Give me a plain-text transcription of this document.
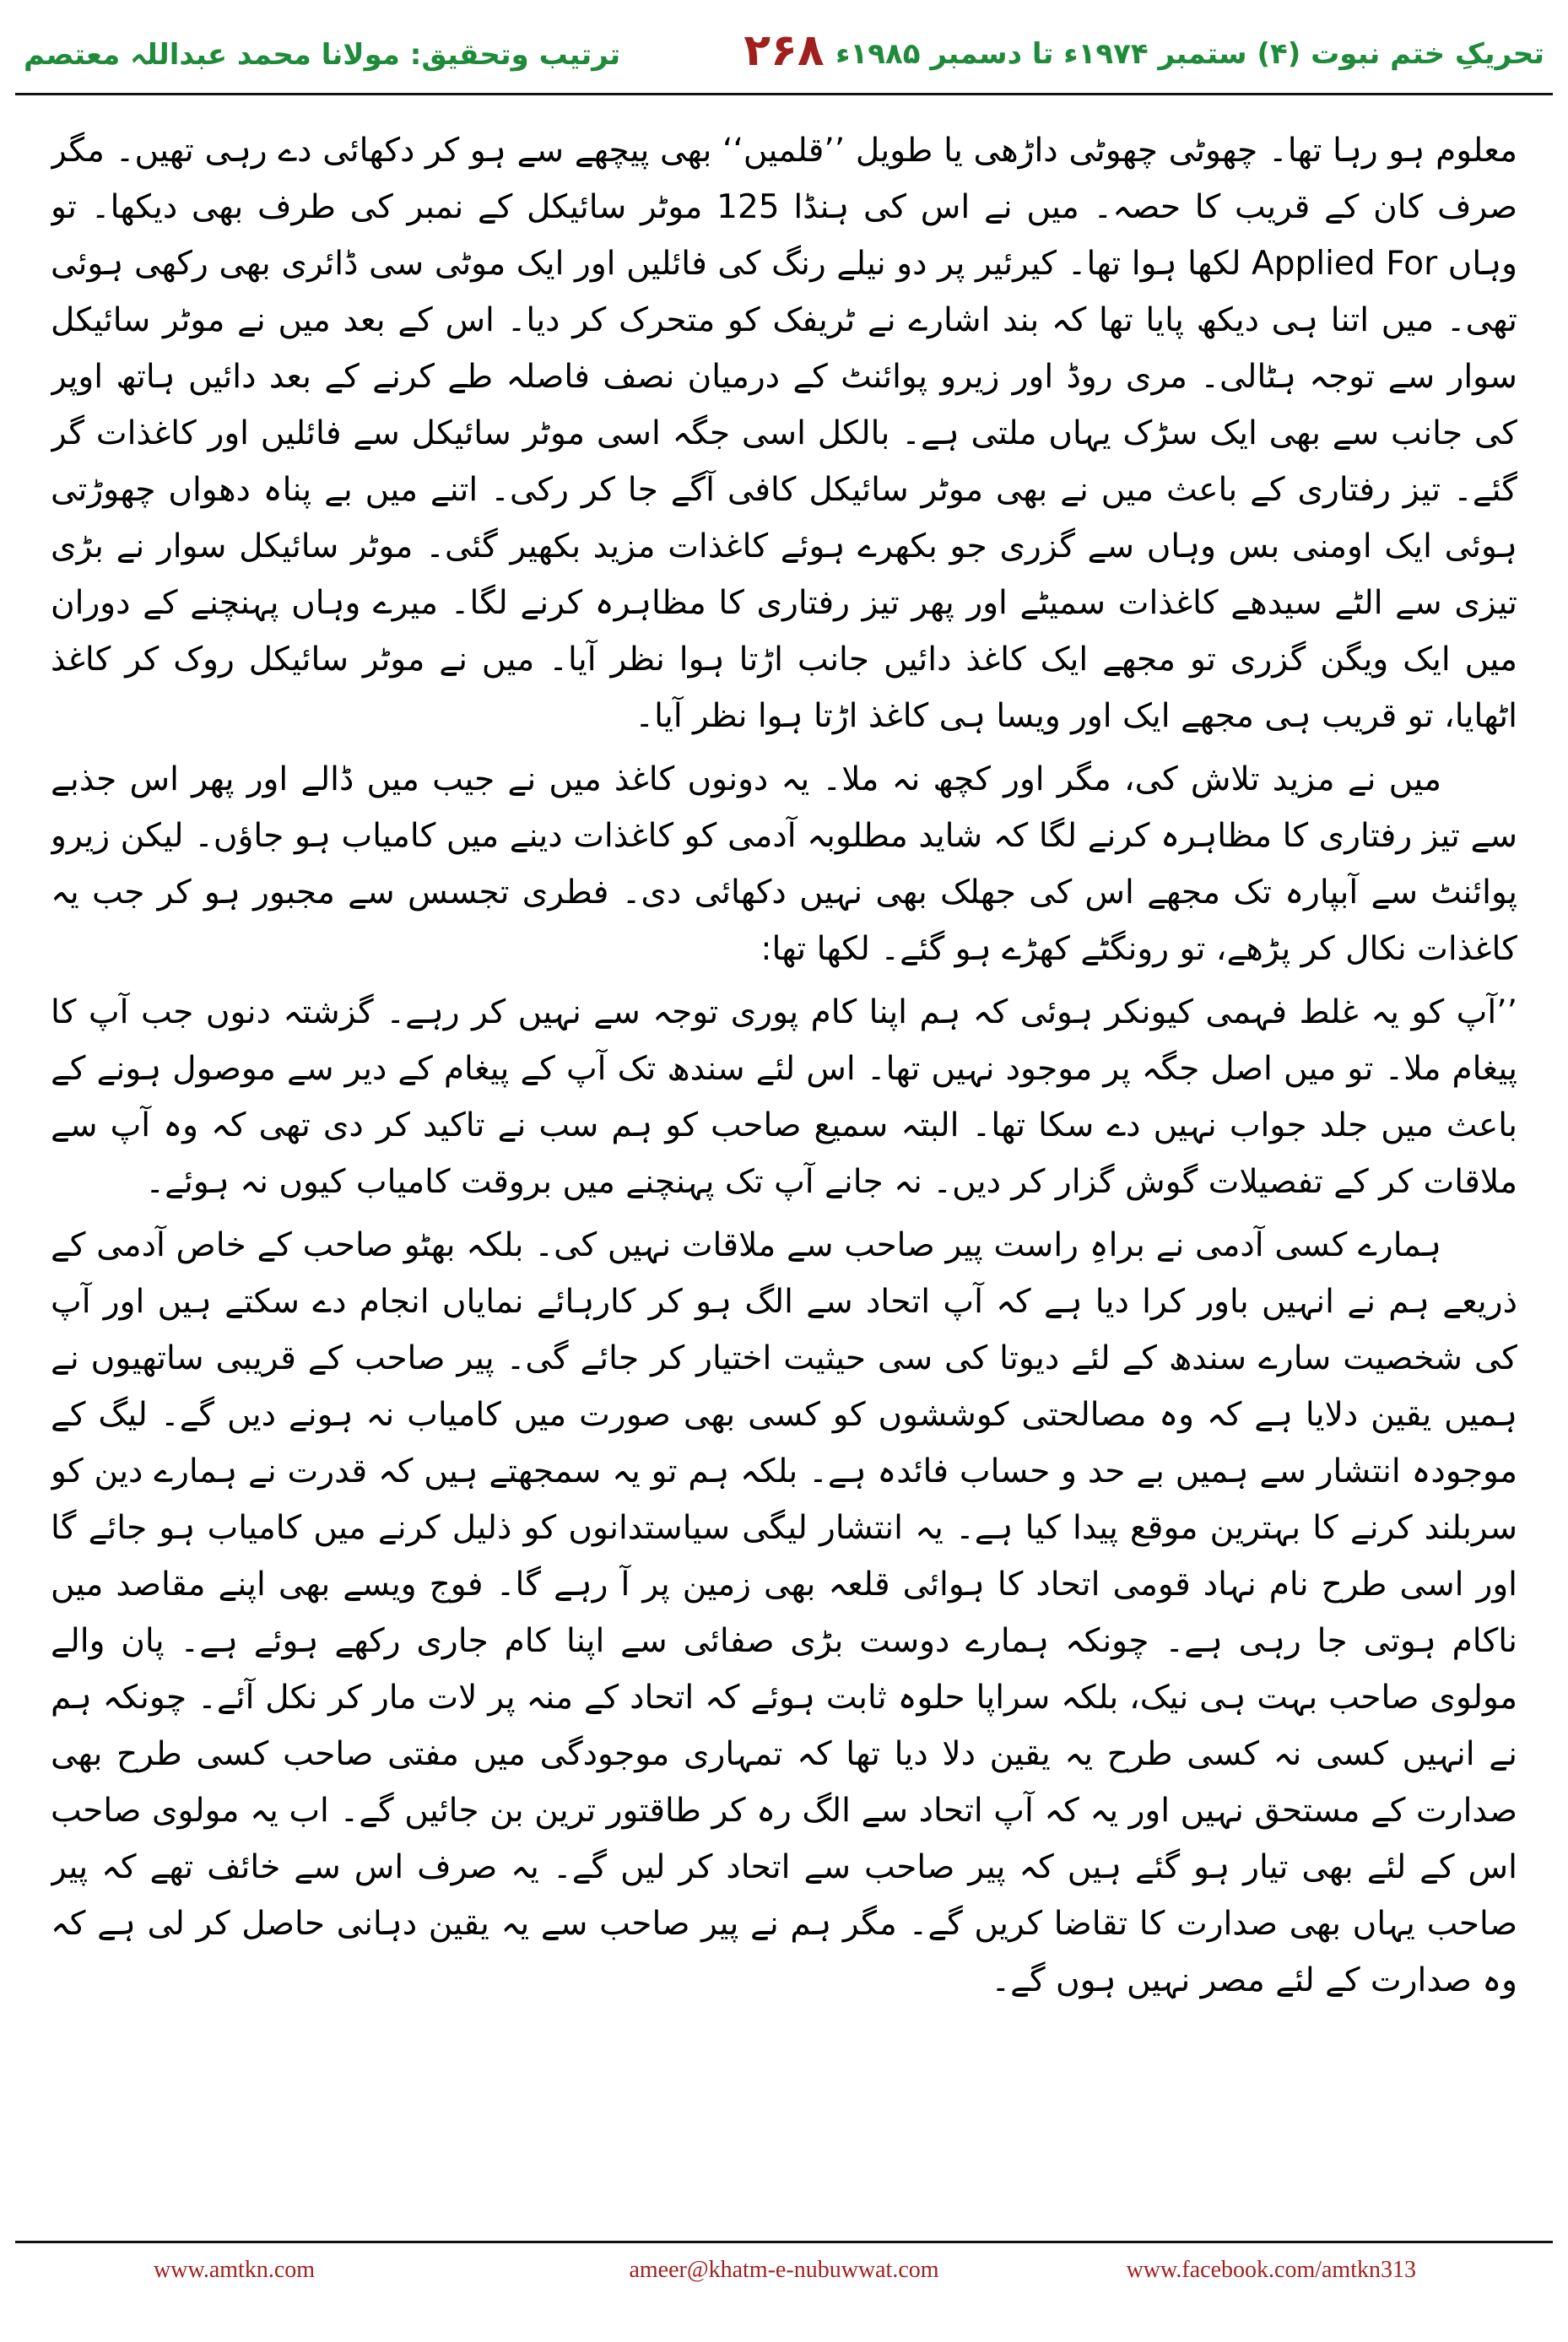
ترتیب وتحقیق: مولانا محمد عبداللہ معتصم	۲۶۸ تحریکِ ختم نبوت (۴) ستمبر ۱۹۷۴ء تا دسمبر ۱۹۸۵ء

معلوم ہو رہا تھا۔ چھوٹی چھوٹی داڑھی یا طویل ’’قلمیں‘‘ بھی پیچھے سے ہو کر دکھائی دے رہی تھیں۔ مگر صرف کان کے قریب کا حصہ۔ میں نے اس کی ہنڈا 125 موٹر سائیکل کے نمبر کی طرف بھی دیکھا۔ تو وہاں Applied For لکھا ہوا تھا۔ کیرئیر پر دو نیلے رنگ کی فائلیں اور ایک موٹی سی ڈائری بھی رکھی ہوئی تھی۔ میں اتنا ہی دیکھ پایا تھا کہ بند اشارے نے ٹریفک کو متحرک کر دیا۔ اس کے بعد میں نے موٹر سائیکل سوار سے توجہ ہٹالی۔ مری روڈ اور زیرو پوائنٹ کے درمیان نصف فاصلہ طے کرنے کے بعد دائیں ہاتھ اوپر کی جانب سے بھی ایک سڑک یہاں ملتی ہے۔ بالکل اسی جگہ اسی موٹر سائیکل سے فائلیں اور کاغذات گر گئے۔ تیز رفتاری کے باعث میں نے بھی موٹر سائیکل کافی آگے جا کر رکی۔ اتنے میں بے پناہ دھواں چھوڑتی ہوئی ایک اومنی بس وہاں سے گزری جو بکھرے ہوئے کاغذات مزید بکھیر گئی۔ موٹر سائیکل سوار نے بڑی تیزی سے الٹے سیدھے کاغذات سمیٹے اور پھر تیز رفتاری کا مظاہرہ کرنے لگا۔ میرے وہاں پہنچنے کے دوران میں ایک ویگن گزری تو مجھے ایک کاغذ دائیں جانب اڑتا ہوا نظر آیا۔ میں نے موٹر سائیکل روک کر کاغذ اٹھایا، تو قریب ہی مجھے ایک اور ویسا ہی کاغذ اڑتا ہوا نظر آیا۔

میں نے مزید تلاش کی، مگر اور کچھ نہ ملا۔ یہ دونوں کاغذ میں نے جیب میں ڈالے اور پھر اس جذبے سے تیز رفتاری کا مظاہرہ کرنے لگا کہ شاید مطلوبہ آدمی کو کاغذات دینے میں کامیاب ہو جاؤں۔ لیکن زیرو پوائنٹ سے آبپارہ تک مجھے اس کی جھلک بھی نہیں دکھائی دی۔ فطری تجسس سے مجبور ہو کر جب یہ کاغذات نکال کر پڑھے، تو رونگٹے کھڑے ہو گئے۔ لکھا تھا:

’’آپ کو یہ غلط فہمی کیونکر ہوئی کہ ہم اپنا کام پوری توجہ سے نہیں کر رہے۔ گزشتہ دنوں جب آپ کا پیغام ملا۔ تو میں اصل جگہ پر موجود نہیں تھا۔ اس لئے سندھ تک آپ کے پیغام کے دیر سے موصول ہونے کے باعث میں جلد جواب نہیں دے سکا تھا۔ البتہ سمیع صاحب کو ہم سب نے تاکید کر دی تھی کہ وہ آپ سے ملاقات کر کے تفصیلات گوش گزار کر دیں۔ نہ جانے آپ تک پہنچنے میں بروقت کامیاب کیوں نہ ہوئے۔

ہمارے کسی آدمی نے براہِ راست پیر صاحب سے ملاقات نہیں کی۔ بلکہ بھٹو صاحب کے خاص آدمی کے ذریعے ہم نے انہیں باور کرا دیا ہے کہ آپ اتحاد سے الگ ہو کر کارہائے نمایاں انجام دے سکتے ہیں اور آپ کی شخصیت سارے سندھ کے لئے دیوتا کی سی حیثیت اختیار کر جائے گی۔ پیر صاحب کے قریبی ساتھیوں نے ہمیں یقین دلایا ہے کہ وہ مصالحتی کوششوں کو کسی بھی صورت میں کامیاب نہ ہونے دیں گے۔ لیگ کے موجودہ انتشار سے ہمیں بے حد و حساب فائدہ ہے۔ بلکہ ہم تو یہ سمجھتے ہیں کہ قدرت نے ہمارے دین کو سربلند کرنے کا بہترین موقع پیدا کیا ہے۔ یہ انتشار لیگی سیاستدانوں کو ذلیل کرنے میں کامیاب ہو جائے گا اور اسی طرح نام نہاد قومی اتحاد کا ہوائی قلعہ بھی زمین پر آ رہے گا۔ فوج ویسے بھی اپنے مقاصد میں ناکام ہوتی جا رہی ہے۔ چونکہ ہمارے دوست بڑی صفائی سے اپنا کام جاری رکھے ہوئے ہے۔ پان والے مولوی صاحب بہت ہی نیک، بلکہ سراپا حلوہ ثابت ہوئے کہ اتحاد کے منہ پر لات مار کر نکل آئے۔ چونکہ ہم نے انہیں کسی نہ کسی طرح یہ یقین دلا دیا تھا کہ تمہاری موجودگی میں مفتی صاحب کسی طرح بھی صدارت کے مستحق نہیں اور یہ کہ آپ اتحاد سے الگ رہ کر طاقتور ترین بن جائیں گے۔ اب یہ مولوی صاحب اس کے لئے بھی تیار ہو گئے ہیں کہ پیر صاحب سے اتحاد کر لیں گے۔ یہ صرف اس سے خائف تھے کہ پیر صاحب یہاں بھی صدارت کا تقاضا کریں گے۔ مگر ہم نے پیر صاحب سے یہ یقین دہانی حاصل کر لی ہے کہ وہ صدارت کے لئے مصر نہیں ہوں گے۔

www.amtkn.com	ameer@khatm-e-nubuwwat.com	www.facebook.com/amtkn313
